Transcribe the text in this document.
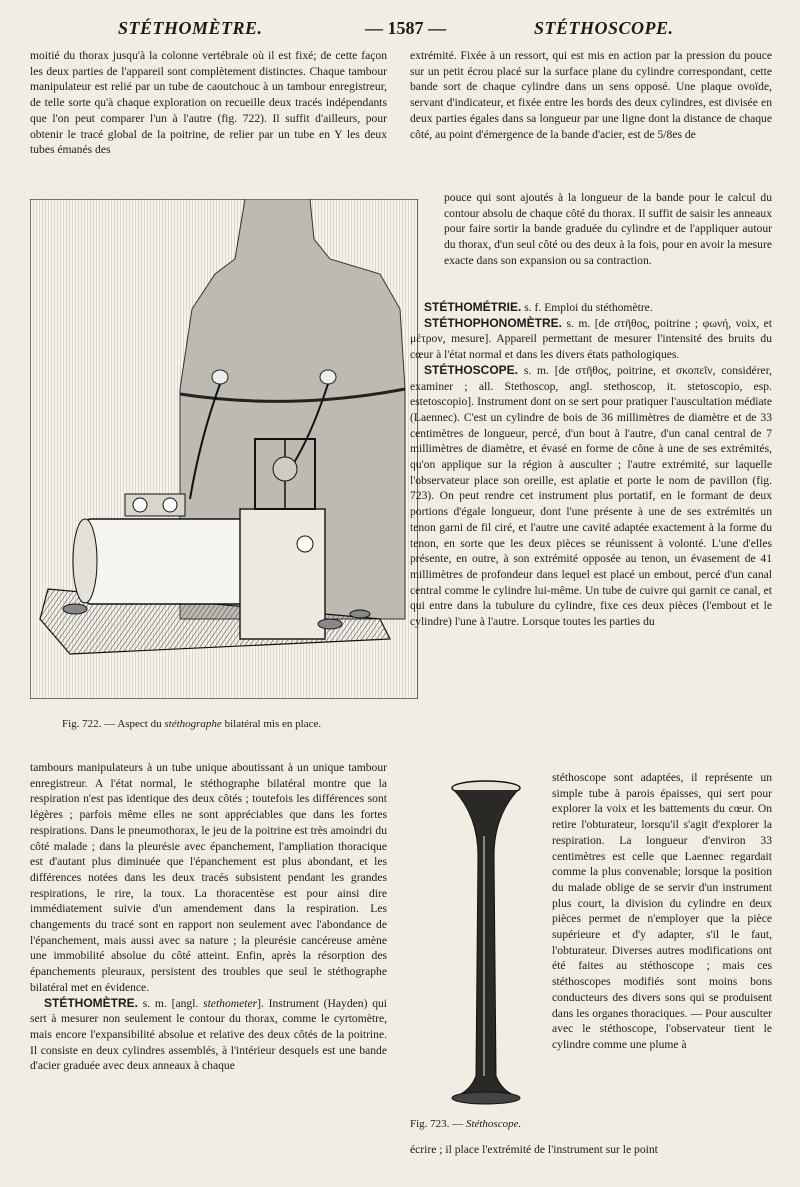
STÉTHOMÈTRE.	— 1587 —	STÉTHOSCOPE.

moitié du thorax jusqu'à la colonne vertébrale où il est fixé; de cette façon les deux parties de l'appareil sont complètement distinctes. Chaque tambour manipulateur est relié par un tube de caoutchouc à un tambour enregistreur, de telle sorte qu'à chaque exploration on recueille deux tracés indépendants que l'on peut comparer l'un à l'autre (fig. 722). Il suffit d'ailleurs, pour obtenir le tracé global de la poitrine, de relier par un tube en Y les deux tubes émanés des

Fig. 722. — Aspect du stéthographe bilatéral mis en place.

tambours manipulateurs à un tube unique aboutissant à un unique tambour enregistreur. A l'état normal, le stéthographe bilatéral montre que la respiration n'est pas identique des deux côtés ; toutefois les différences sont légères ; parfois même elles ne sont appréciables que dans les fortes respirations. Dans le pneumothorax, le jeu de la poitrine est très amoindri du côté malade ; dans la pleurésie avec épanchement, l'ampliation thoracique est d'autant plus diminuée que l'épanchement est plus abondant, et les différences notées dans les deux tracés subsistent pendant les grandes respirations, le rire, la toux. La thoracentèse est pour ainsi dire immédiatement suivie d'un amendement dans la respiration. Les changements du tracé sont en rapport non seulement avec l'abondance de l'épanchement, mais aussi avec sa nature ; la pleurésie cancéreuse amène une immobilité absolue du côté atteint. Enfin, après la résorption des épanchements pleuraux, persistent des troubles que seul le stéthographe bilatéral met en évidence.

STÉTHOMÈTRE. s. m. [angl. stethometer]. Instrument (Hayden) qui sert à mesurer non seulement le contour du thorax, comme le cyrtomètre, mais encore l'expansibilité absolue et relative des deux côtés de la poitrine. Il consiste en deux cylindres assemblés, à l'intérieur desquels est une bande d'acier graduée avec deux anneaux à chaque

extrémité. Fixée à un ressort, qui est mis en action par la pression du pouce sur un petit écrou placé sur la surface plane du cylindre correspondant, cette bande sort de chaque cylindre dans un sens opposé. Une plaque ovoïde, servant d'indicateur, et fixée entre les bords des deux cylindres, est divisée en deux parties égales dans sa longueur par une ligne dont la distance de chaque côté, au point d'émergence de la bande d'acier, est de 5/8es de

pouce qui sont ajoutés à la longueur de la bande pour le calcul du contour absolu de chaque côté du thorax. Il suffit de saisir les anneaux pour faire sortir la bande graduée du cylindre et de l'appliquer autour du thorax, d'un seul côté ou des deux à la fois, pour en avoir la mesure exacte dans son expansion ou sa contraction.

STÉTHOMÉTRIE. s. f. Emploi du stéthomètre.

STÉTHOPHONOMÈTRE. s. m. [de στῆθος, poitrine ; φωνή, voix, et μέτρον, mesure]. Appareil permettant de mesurer l'intensité des bruits du cœur à l'état normal et dans les divers états pathologiques.

STÉTHOSCOPE. s. m. [de στῆθος, poitrine, et σκοπεῖν, considérer, examiner ; all. Stethoscop, angl. stethoscop, it. stetoscopio, esp. estetoscopio]. Instrument dont on se sert pour pratiquer l'auscultation médiate (Laennec). C'est un cylindre de bois de 36 millimètres de diamètre et de 33 centimètres de longueur, percé, d'un bout à l'autre, d'un canal central de 7 millimètres de diamètre, et évasé en forme de cône à une de ses extrémités, qu'on applique sur la région à ausculter ; l'autre extrémité, sur laquelle l'observateur place son oreille, est aplatie et porte le nom de pavillon (fig. 723). On peut rendre cet instrument plus portatif, en le formant de deux portions d'égale longueur, dont l'une présente à une de ses extrémités un tenon garni de fil ciré, et l'autre une cavité adaptée exactement à la forme du tenon, en sorte que les deux pièces se réunissent à volonté. L'une d'elles présente, en outre, à son extrémité opposée au tenon, un évasement de 41 millimètres de profondeur dans lequel est placé un embout, percé d'un canal central comme le cylindre lui-même. Un tube de cuivre qui garnit ce canal, et qui entre dans la tubulure du cylindre, fixe ces deux pièces (l'embout et le cylindre) l'une à l'autre. Lorsque toutes les parties du

Fig. 723. — Stéthoscope.

stéthoscope sont adaptées, il représente un simple tube à parois épaisses, qui sert pour explorer la voix et les battements du cœur. On retire l'obturateur, lorsqu'il s'agit d'explorer la respiration. La longueur d'environ 33 centimètres est celle que Laennec regardait comme la plus convenable; lorsque la position du malade oblige de se servir d'un instrument plus court, la division du cylindre en deux pièces permet de n'employer que la pièce supérieure et d'y adapter, s'il le faut, l'obturateur. Diverses autres modifications ont été faites au stéthoscope ; mais ces stéthoscopes modifiés sont moins bons conducteurs des divers sons qui se produisent dans les organes thoraciques. — Pour ausculter avec le stéthoscope, l'observateur tient le cylindre comme une plume à

écrire ; il place l'extrémité de l'instrument sur le point
